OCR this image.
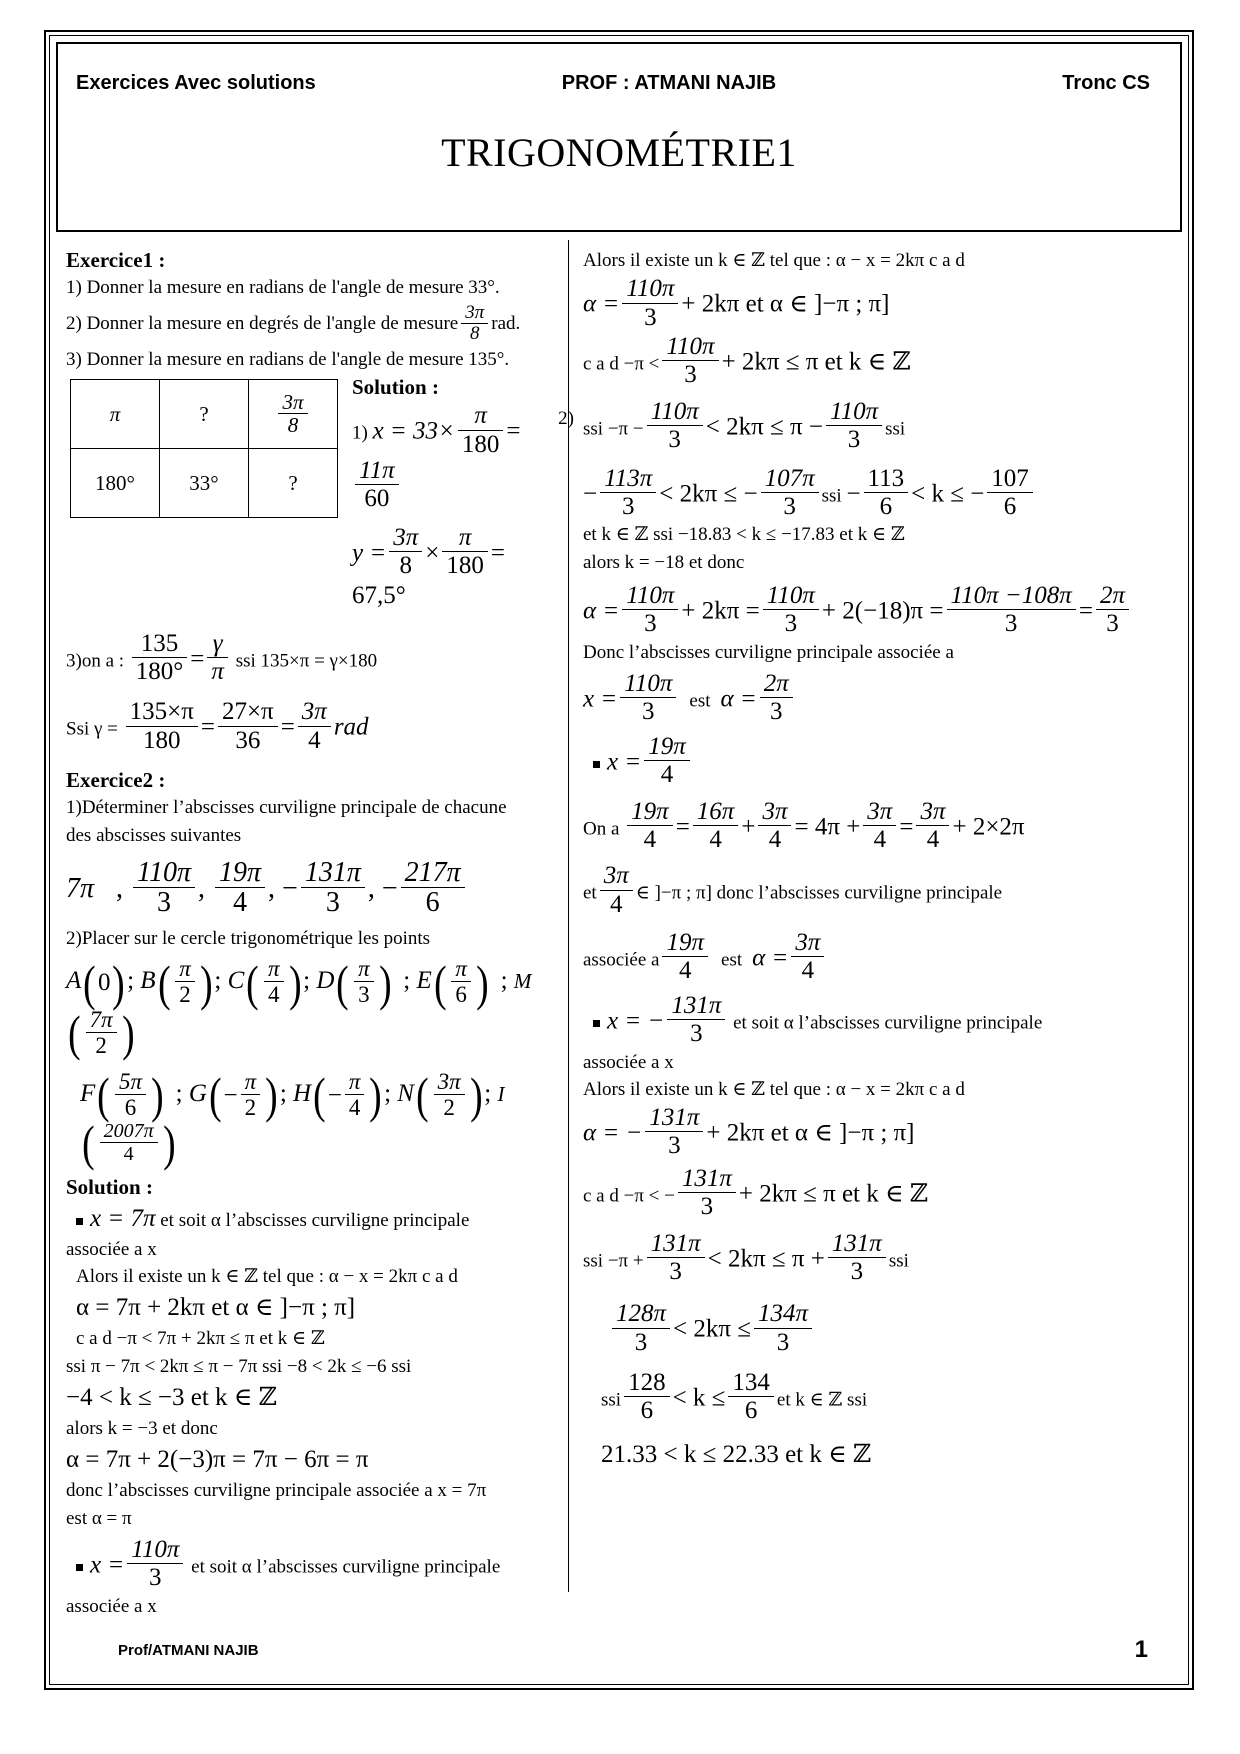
Exercices Avec solutions	PROF : ATMANI NAJIB	Tronc CS
TRIGONOMÉTRIE1
Exercice1 :
1) Donner la mesure en radians de l'angle de mesure 33°.
2) Donner la mesure en degrés de l'angle de mesure $\frac{3\pi}{8}$ rad.
3) Donner la mesure en radians de l'angle de mesure 135°.
π	?	$\frac{3\pi}{8}$

180°	33°	?
Solution :
1) $x = 33\times \frac{\pi}{180}$ =
$\frac{11\pi}{60}$
2)
$y = \frac{3\pi}{8} \times \frac{\pi}{180} = 67,5^\circ$
3)on a : $\frac{135}{180^\circ} = \frac{\gamma}{\pi}$ ssi 135×π = γ×180
Ssi $\gamma = \frac{135\times\pi}{180} = \frac{27\times\pi}{36} = \frac{3\pi}{4}$ rad
Exercice2 :
1)Déterminer l’abscisses curviligne principale de chacune
des abscisses suivantes
7π , $\frac{110\pi}{3}$ , $\frac{19\pi}{4}$ , − $\frac{131\pi}{3}$ , − $\frac{217\pi}{6}$
2)Placer sur le cercle trigonométrique les points
A(0); $B( \frac{\pi}{2}$ ); $C( \frac{\pi}{4}$ ); $D( \frac{\pi}{3}$ ) ; $E( \frac{\pi}{6}$ ) ; $M( \frac{7\pi}{2}$ )
$F( \frac{5\pi}{6}$ ) ; $G(- \frac{\pi}{2}$ ); $H(- \frac{\pi}{4}$ ); $N( \frac{3\pi}{2}$ ); $I( \frac{2007\pi}{4}$ )
Solution :
x = 7π et soit α l’abscisses curviligne principale
associée a x
Alors il existe un k ∈ ℤ tel que : α − x = 2kπ c a d
α = 7π + 2kπ et α ∈ ]−π ; π]
c a d −π < 7π + 2kπ ≤ π et k ∈ ℤ
ssi π − 7π < 2kπ ≤ π − 7π ssi −8 < 2k ≤ −6 ssi
−4 < k ≤ −3 et k ∈ ℤ
alors k = −3 et donc
α = 7π + 2(−3)π = 7π − 6π = π
donc l’abscisses curviligne principale associée a x = 7π
est α = π
$x = \frac{110\pi}{3}$ et soit α l’abscisses curviligne principale
associée a x
Alors il existe un k ∈ ℤ tel que : α − x = 2kπ c a d
$\alpha = \frac{110\pi}{3} + 2k\pi$ et α ∈ ]−π ; π]
c a $d -\pi < \frac{110\pi}{3} + 2k\pi \le \pi$ et k ∈ ℤ
ssi $-\pi - \frac{110\pi}{3} < 2k\pi \le \pi - \frac{110\pi}{3}$ ssi
− $\frac{113\pi}{3} < 2k\pi$ ≤ − $\frac{107\pi}{3}$ ssi − $\frac{113}{6} < k$ ≤ − $\frac{107}{6}$
et k ∈ ℤ ssi −18.83 < k ≤ −17.83 et k ∈ ℤ
alors k = −18 et donc
$\alpha = \frac{110\pi}{3} + 2k\pi = \frac{110\pi}{3} + 2(-18)\pi = \frac{110\pi -108\pi}{3} = \frac{2\pi}{3}$
Donc l’abscisses curviligne principale associée a
$x = \frac{110\pi}{3}$ est $\alpha = \frac{2\pi}{3}$
$x = \frac{19\pi}{4}$
On a $\frac{19\pi}{4} = \frac{16\pi}{4} + \frac{3\pi}{4} = 4\pi + \frac{3\pi}{4} = \frac{3\pi}{4} + 2\times 2\pi$
et $\frac{3\pi}{4}$ ∈ ]−π ; π] donc l’abscisses curviligne principale
associée a $\frac{19\pi}{4}$ est $\alpha = \frac{3\pi}{4}$
x = − $\frac{131\pi}{3}$ et soit α l’abscisses curviligne principale
associée a x
Alors il existe un k ∈ ℤ tel que : α − x = 2kπ c a d
α = − $\frac{131\pi}{3} + 2k\pi$ et α ∈ ]−π ; π]
c a d −π < − $\frac{131\pi}{3} + 2k\pi \le \pi$ et k ∈ ℤ
ssi $-\pi + \frac{131\pi}{3} < 2k\pi \le \pi + \frac{131\pi}{3}$ ssi
$\frac{128\pi}{3} < 2k\pi \le \frac{134\pi}{3}$
ssi $\frac{128}{6} < k \le \frac{134}{6}$ et k ∈ ℤ ssi
21.33 < k ≤ 22.33 et k ∈ ℤ
Prof/ATMANI NAJIB	1
